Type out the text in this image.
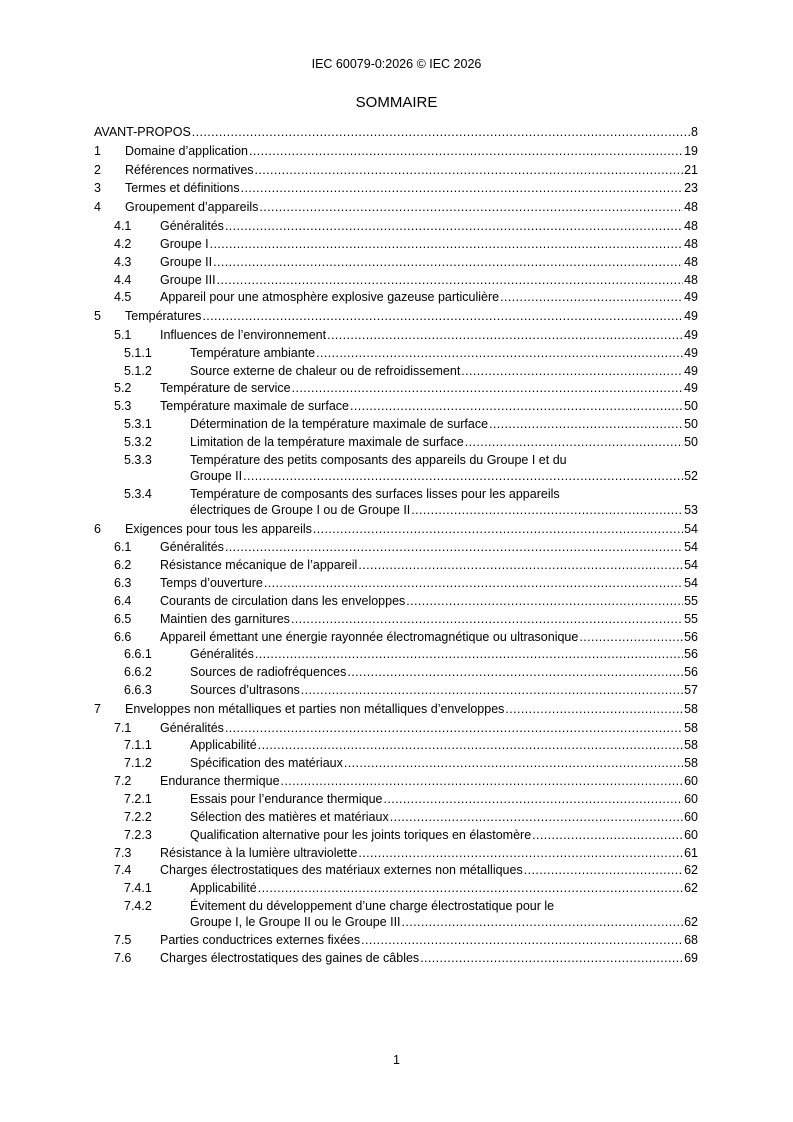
IEC 60079-0:2026 © IEC 2026
SOMMAIRE
AVANT-PROPOS .....	8
1 Domaine d’application .....	19
2 Références normatives .....	21
3 Termes et définitions .....	23
4 Groupement d’appareils .....	48
4.1 Généralités .....	48
4.2 Groupe I .....	48
4.3 Groupe II .....	48
4.4 Groupe III .....	48
4.5 Appareil pour une atmosphère explosive gazeuse particulière .....	49
5 Températures .....	49
5.1 Influences de l’environnement .....	49
5.1.1	Température ambiante .....	49
5.1.2	Source externe de chaleur ou de refroidissement .....	49
5.2 Température de service .....	49
5.3 Température maximale de surface .....	50
5.3.1	Détermination de la température maximale de surface .....	50
5.3.2	Limitation de la température maximale de surface .....	50
5.3.3	Température des petits composants des appareils du Groupe I et du
Groupe II .....	52
5.3.4	Température de composants des surfaces lisses pour les appareils
électriques de Groupe I ou de Groupe II .....	53
6 Exigences pour tous les appareils .....	54
6.1 Généralités .....	54
6.2 Résistance mécanique de l’appareil .....	54
6.3 Temps d’ouverture .....	54
6.4 Courants de circulation dans les enveloppes .....	55
6.5 Maintien des garnitures .....	55
6.6 Appareil émettant une énergie rayonnée électromagnétique ou ultrasonique .....	56
6.6.1	Généralités .....	56
6.6.2	Sources de radiofréquences .....	56
6.6.3	Sources d’ultrasons .....	57
7 Enveloppes non métalliques et parties non métalliques d’enveloppes .....	58
7.1 Généralités .....	58
7.1.1	Applicabilité .....	58
7.1.2	Spécification des matériaux .....	58
7.2 Endurance thermique .....	60
7.2.1	Essais pour l’endurance thermique .....	60
7.2.2	Sélection des matières et matériaux .....	60
7.2.3	Qualification alternative pour les joints toriques en élastomère .....	60
7.3 Résistance à la lumière ultraviolette .....	61
7.4 Charges électrostatiques des matériaux externes non métalliques .....	62
7.4.1	Applicabilité .....	62
7.4.2	Évitement du développement d’une charge électrostatique pour le
Groupe I, le Groupe II ou le Groupe III .....	62
7.5 Parties conductrices externes fixées .....	68
7.6 Charges électrostatiques des gaines de câbles .....	69
1
